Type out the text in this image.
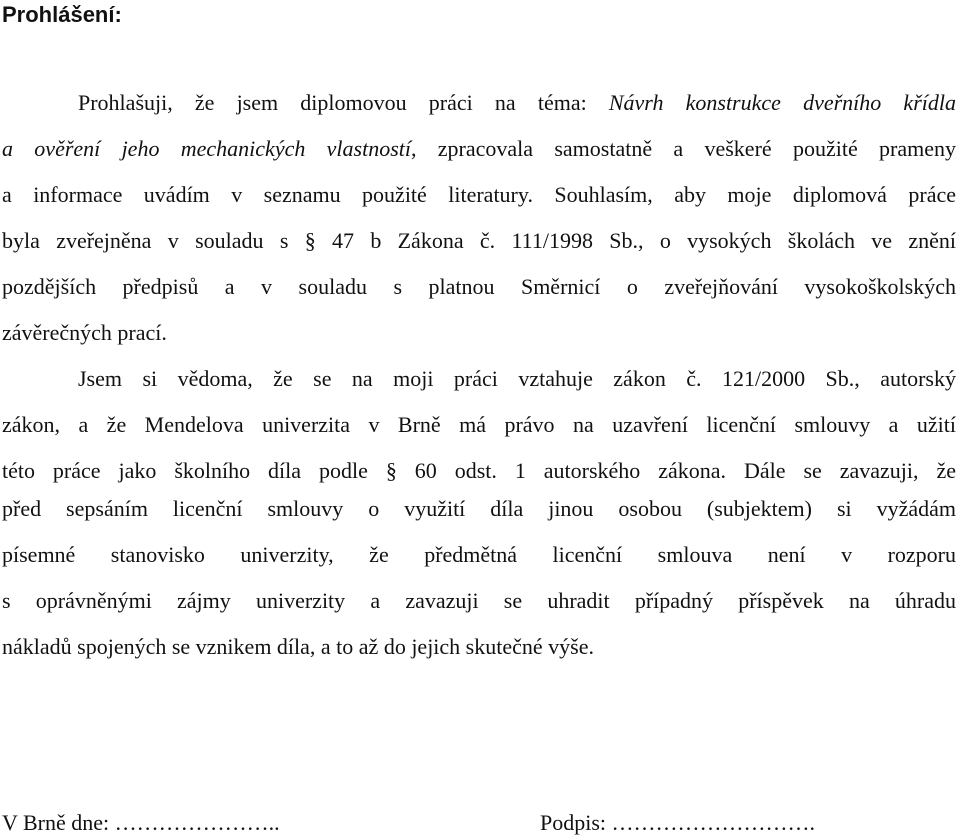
Prohlášení:
Prohlašuji, že jsem diplomovou práci na téma: Návrh konstrukce dveřního křídla
a ověření jeho mechanických vlastností, zpracovala samostatně a veškeré použité prameny
a informace uvádím v seznamu použité literatury. Souhlasím, aby moje diplomová práce
byla zveřejněna v souladu s § 47 b Zákona č. 111/1998 Sb., o vysokých školách ve znění
pozdějších předpisů a v souladu s platnou Směrnicí o zveřejňování vysokoškolských
závěrečných prací.
Jsem si vědoma, že se na moji práci vztahuje zákon č. 121/2000 Sb., autorský
zákon, a že Mendelova univerzita v Brně má právo na uzavření licenční smlouvy a užití
této práce jako školního díla podle § 60 odst. 1 autorského zákona. Dále se zavazuji, že
před sepsáním licenční smlouvy o využití díla jinou osobou (subjektem) si vyžádám
písemné stanovisko univerzity, že předmětná licenční smlouva není v rozporu
s oprávněnými zájmy univerzity a zavazuji se uhradit případný příspěvek na úhradu
nákladů spojených se vznikem díla, a to až do jejich skutečné výše.
V Brně dne: …………………..	Podpis: ……………………….
